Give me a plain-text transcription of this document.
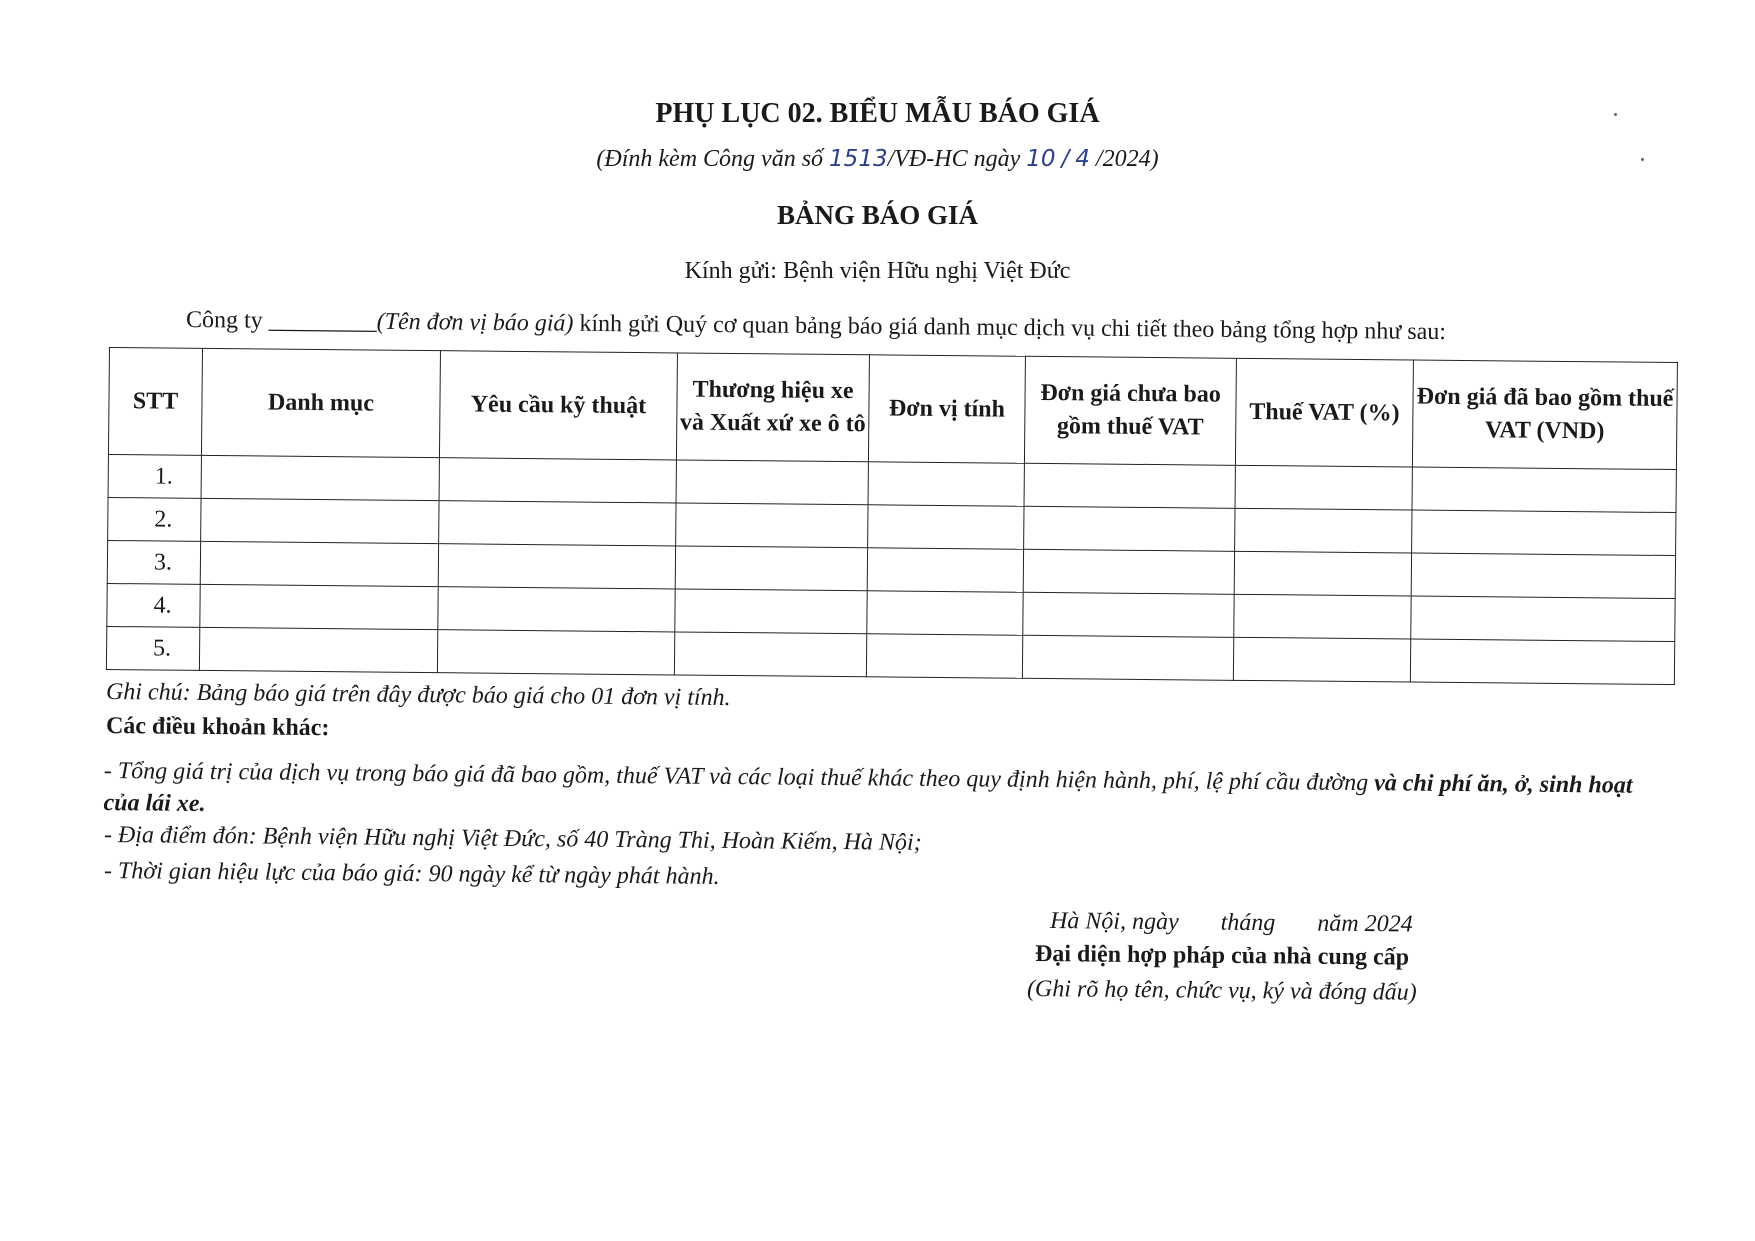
PHỤ LỤC 02. BIỂU MẪU BÁO GIÁ
(Đính kèm Công văn số 1513/VĐ-HC ngày 10 / 4 /2024)
BẢNG BÁO GIÁ
Kính gửi: Bệnh viện Hữu nghị Việt Đức
Công ty _________(Tên đơn vị báo giá) kính gửi Quý cơ quan bảng báo giá danh mục dịch vụ chi tiết theo bảng tổng hợp như sau:
STT	Danh mục	Yêu cầu kỹ thuật	Thương hiệu xe và Xuất xứ xe ô tô	Đơn vị tính	Đơn giá chưa bao gồm thuế VAT	Thuế VAT (%)	Đơn giá đã bao gồm thuế VAT (VND)
1.							
2.							
3.							
4.							
5.							
Ghi chú: Bảng báo giá trên đây được báo giá cho 01 đơn vị tính.
Các điều khoản khác:
- Tổng giá trị của dịch vụ trong báo giá đã bao gồm, thuế VAT và các loại thuế khác theo quy định hiện hành, phí, lệ phí cầu đường và chi phí ăn, ở, sinh hoạt của lái xe.
- Địa điểm đón: Bệnh viện Hữu nghị Việt Đức, số 40 Tràng Thi, Hoàn Kiếm, Hà Nội;
- Thời gian hiệu lực của báo giá: 90 ngày kể từ ngày phát hành.
Hà Nội, ngày tháng năm 2024
Đại diện hợp pháp của nhà cung cấp
(Ghi rõ họ tên, chức vụ, ký và đóng dấu)
